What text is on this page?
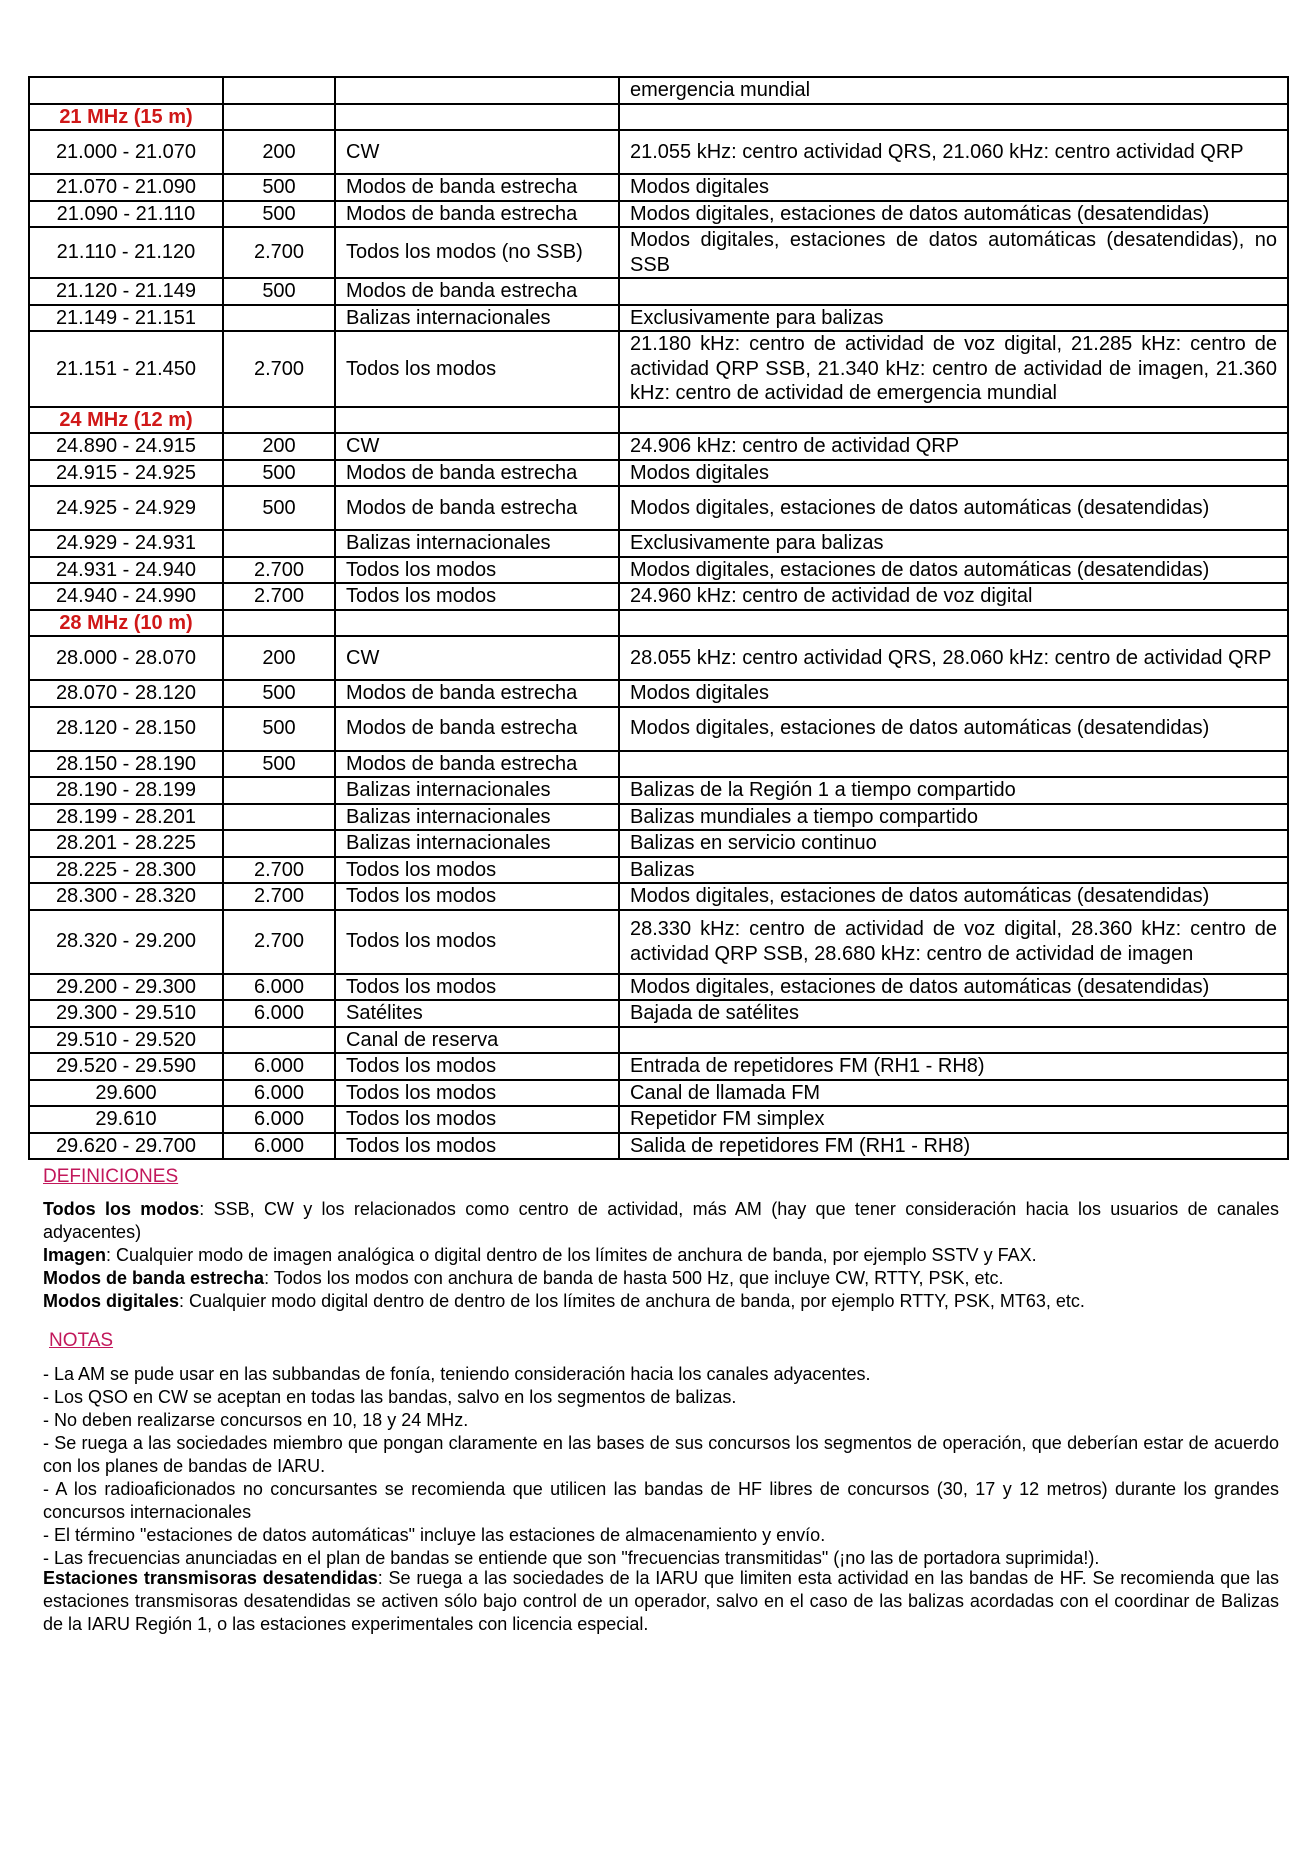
			emergencia mundial
21 MHz (15 m)			
21.000 - 21.070	200	CW	21.055 kHz: centro actividad QRS, 21.060 kHz: centro actividad QRP
21.070 - 21.090	500	Modos de banda estrecha	Modos digitales
21.090 - 21.110	500	Modos de banda estrecha	Modos digitales, estaciones de datos automáticas (desatendidas)
21.110 - 21.120	2.700	Todos los modos (no SSB)	Modos digitales, estaciones de datos automáticas (desatendidas), no SSB
21.120 - 21.149	500	Modos de banda estrecha	
21.149 - 21.151		Balizas internacionales	Exclusivamente para balizas
21.151 - 21.450	2.700	Todos los modos	21.180 kHz: centro de actividad de voz digital, 21.285 kHz: centro de actividad QRP SSB, 21.340 kHz: centro de actividad de imagen, 21.360 kHz: centro de actividad de emergencia mundial
24 MHz (12 m)			
24.890 - 24.915	200	CW	24.906 kHz: centro de actividad QRP
24.915 - 24.925	500	Modos de banda estrecha	Modos digitales
24.925 - 24.929	500	Modos de banda estrecha	Modos digitales, estaciones de datos automáticas (desatendidas)
24.929 - 24.931		Balizas internacionales	Exclusivamente para balizas
24.931 - 24.940	2.700	Todos los modos	Modos digitales, estaciones de datos automáticas (desatendidas)
24.940 - 24.990	2.700	Todos los modos	24.960 kHz: centro de actividad de voz digital
28 MHz (10 m)			
28.000 - 28.070	200	CW	28.055 kHz: centro actividad QRS, 28.060 kHz: centro de actividad QRP
28.070 - 28.120	500	Modos de banda estrecha	Modos digitales
28.120 - 28.150	500	Modos de banda estrecha	Modos digitales, estaciones de datos automáticas (desatendidas)
28.150 - 28.190	500	Modos de banda estrecha	
28.190 - 28.199		Balizas internacionales	Balizas de la Región 1 a tiempo compartido
28.199 - 28.201		Balizas internacionales	Balizas mundiales a tiempo compartido
28.201 - 28.225		Balizas internacionales	Balizas en servicio continuo
28.225 - 28.300	2.700	Todos los modos	Balizas
28.300 - 28.320	2.700	Todos los modos	Modos digitales, estaciones de datos automáticas (desatendidas)
28.320 - 29.200	2.700	Todos los modos	28.330 kHz: centro de actividad de voz digital, 28.360 kHz: centro de actividad QRP SSB, 28.680 kHz: centro de actividad de imagen
29.200 - 29.300	6.000	Todos los modos	Modos digitales, estaciones de datos automáticas (desatendidas)
29.300 - 29.510	6.000	Satélites	Bajada de satélites
29.510 - 29.520		Canal de reserva	
29.520 - 29.590	6.000	Todos los modos	Entrada de repetidores FM (RH1 - RH8)
29.600	6.000	Todos los modos	Canal de llamada FM
29.610	6.000	Todos los modos	Repetidor FM simplex
29.620 - 29.700	6.000	Todos los modos	Salida de repetidores FM (RH1 - RH8)
DEFINICIONES

Todos los modos: SSB, CW y los relacionados como centro de actividad, más AM (hay que tener consideración hacia los usuarios de canales adyacentes)

Imagen: Cualquier modo de imagen analógica o digital dentro de los límites de anchura de banda, por ejemplo SSTV y FAX.

Modos de banda estrecha: Todos los modos con anchura de banda de hasta 500 Hz, que incluye CW, RTTY, PSK, etc.

Modos digitales: Cualquier modo digital dentro de dentro de los límites de anchura de banda, por ejemplo RTTY, PSK, MT63, etc.

NOTAS

- La AM se pude usar en las subbandas de fonía, teniendo consideración hacia los canales adyacentes.

- Los QSO en CW se aceptan en todas las bandas, salvo en los segmentos de balizas.

- No deben realizarse concursos en 10, 18 y 24 MHz.

- Se ruega a las sociedades miembro que pongan claramente en las bases de sus concursos los segmentos de operación, que deberían estar de acuerdo con los planes de bandas de IARU.

- A los radioaficionados no concursantes se recomienda que utilicen las bandas de HF libres de concursos (30, 17 y 12 metros) durante los grandes concursos internacionales

- El término "estaciones de datos automáticas" incluye las estaciones de almacenamiento y envío.

- Las frecuencias anunciadas en el plan de bandas se entiende que son "frecuencias transmitidas" (¡no las de portadora suprimida!).

Estaciones transmisoras desatendidas: Se ruega a las sociedades de la IARU que limiten esta actividad en las bandas de HF. Se recomienda que las estaciones transmisoras desatendidas se activen sólo bajo control de un operador, salvo en el caso de las balizas acordadas con el coordinar de Balizas de la IARU Región 1, o las estaciones experimentales con licencia especial.
